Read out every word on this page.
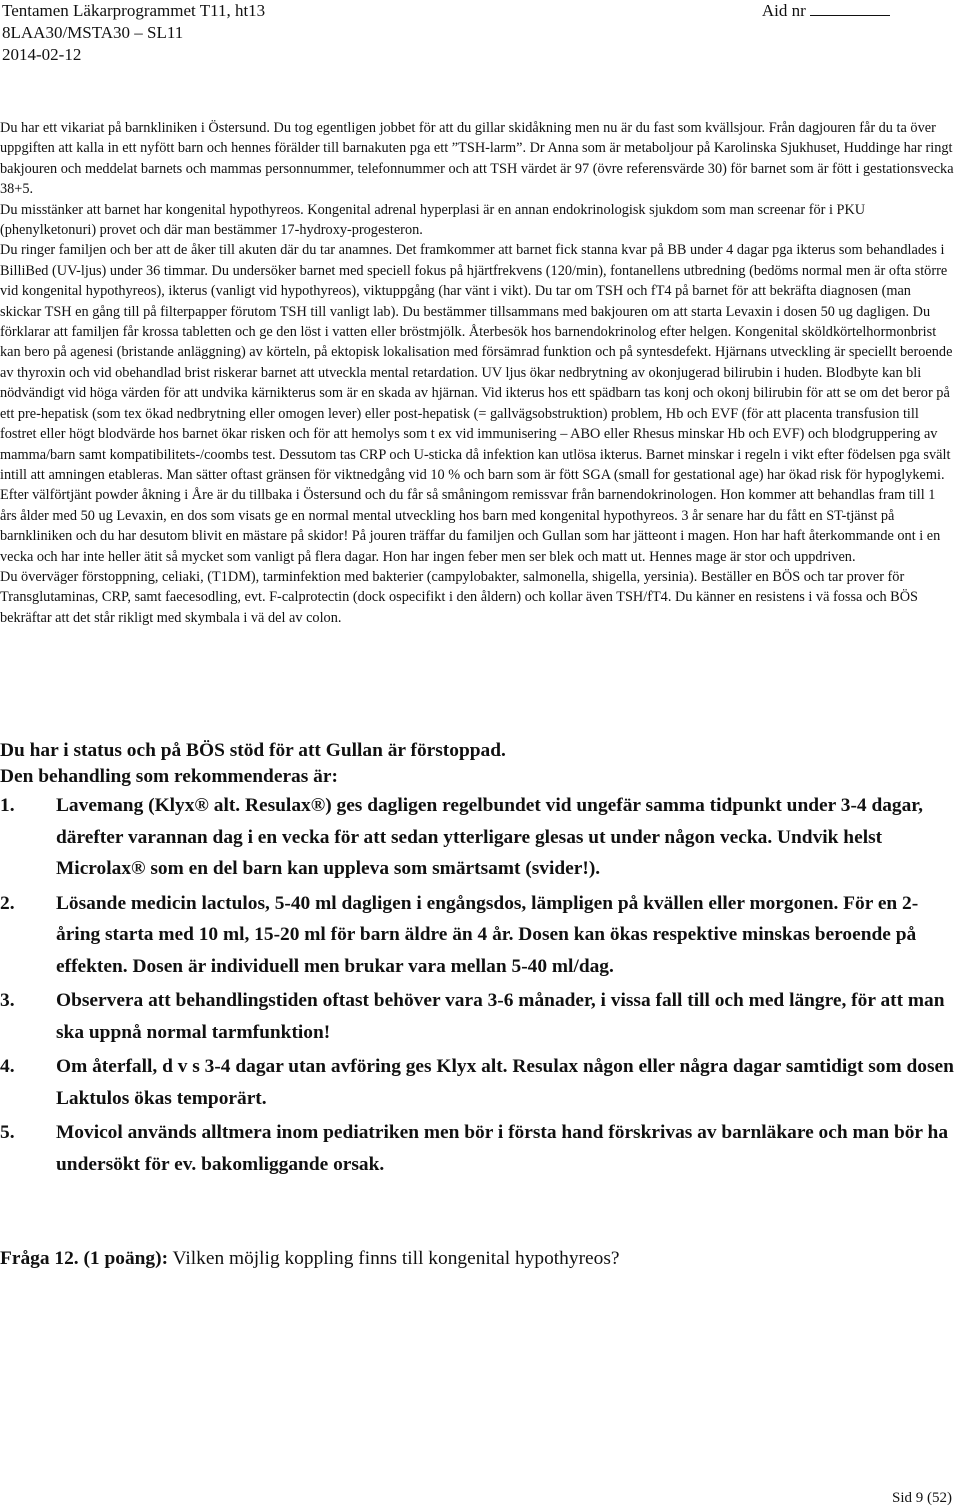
Tentamen Läkarprogrammet T11, ht13
8LAA30/MSTA30 – SL11
2014-02-12
Aid nr

Du har ett vikariat på barnkliniken i Östersund. Du tog egentligen jobbet för att du gillar skidåkning men nu är du fast som kvällsjour. Från dagjouren får du ta över uppgiften att kalla in ett nyfött barn och hennes förälder till barnakuten pga ett ”TSH-larm”. Dr Anna som är metaboljour på Karolinska Sjukhuset, Huddinge har ringt bakjouren och meddelat barnets och mammas personnummer, telefonnummer och att TSH värdet är 97 (övre referensvärde 30) för barnet som är fött i gestationsvecka 38+5.

Du misstänker att barnet har kongenital hypothyreos. Kongenital adrenal hyperplasi är en annan endokrinologisk sjukdom som man screenar för i PKU (phenylketonuri) provet och där man bestämmer 17-hydroxy-progesteron.

Du ringer familjen och ber att de åker till akuten där du tar anamnes. Det framkommer att barnet fick stanna kvar på BB under 4 dagar pga ikterus som behandlades i BilliBed (UV-ljus) under 36 timmar. Du undersöker barnet med speciell fokus på hjärtfrekvens (120/min), fontanellens utbredning (bedöms normal men är ofta större vid kongenital hypothyreos), ikterus (vanligt vid hypothyreos), viktuppgång (har vänt i vikt). Du tar om TSH och fT4 på barnet för att bekräfta diagnosen (man skickar TSH en gång till på filterpapper förutom TSH till vanligt lab). Du bestämmer tillsammans med bakjouren om att starta Levaxin i dosen 50 ug dagligen. Du förklarar att familjen får krossa tabletten och ge den löst i vatten eller bröstmjölk. Återbesök hos barnendokrinolog efter helgen. Kongenital sköldkörtelhormonbrist kan bero på agenesi (bristande anläggning) av körteln, på ektopisk lokalisation med försämrad funktion och på syntesdefekt. Hjärnans utveckling är speciellt beroende av thyroxin och vid obehandlad brist riskerar barnet att utveckla mental retardation. UV ljus ökar nedbrytning av okonjugerad bilirubin i huden. Blodbyte kan bli nödvändigt vid höga värden för att undvika kärnikterus som är en skada av hjärnan. Vid ikterus hos ett spädbarn tas konj och okonj bilirubin för att se om det beror på ett pre-hepatisk (som tex ökad nedbrytning eller omogen lever) eller post-hepatisk (= gallvägsobstruktion) problem, Hb och EVF (för att placenta transfusion till fostret eller högt blodvärde hos barnet ökar risken och för att hemolys som t ex vid immunisering – ABO eller Rhesus minskar Hb och EVF) och blodgruppering av mamma/barn samt kompatibilitets-/coombs test. Dessutom tas CRP och U-sticka då infektion kan utlösa ikterus. Barnet minskar i regeln i vikt efter födelsen pga svält intill att amningen etableras. Man sätter oftast gränsen för viktnedgång vid 10 % och barn som är fött SGA (small for gestational age) har ökad risk för hypoglykemi.

Efter välförtjänt powder åkning i Åre är du tillbaka i Östersund och du får så småningom remissvar från barnendokrinologen. Hon kommer att behandlas fram till 1 års ålder med 50 ug Levaxin, en dos som visats ge en normal mental utveckling hos barn med kongenital hypothyreos. 3 år senare har du fått en ST-tjänst på barnkliniken och du har desutom blivit en mästare på skidor! På jouren träffar du familjen och Gullan som har jätteont i magen. Hon har haft återkommande ont i en vecka och har inte heller ätit så mycket som vanligt på flera dagar. Hon har ingen feber men ser blek och matt ut. Hennes mage är stor och uppdriven.

Du överväger förstoppning, celiaki, (T1DM), tarminfektion med bakterier (campylobakter, salmonella, shigella, yersinia). Beställer en BÖS och tar prover för Transglutaminas, CRP, samt faecesodling, evt. F-calprotectin (dock ospecifikt i den åldern) och kollar även TSH/fT4. Du känner en resistens i vä fossa och BÖS bekräftar att det står rikligt med skymbala i vä del av colon.

Du har i status och på BÖS stöd för att Gullan är förstoppad.
Den behandling som rekommenderas är:
1. Lavemang (Klyx® alt. Resulax®) ges dagligen regelbundet vid ungefär samma tidpunkt under 3-4 dagar, därefter varannan dag i en vecka för att sedan ytterligare glesas ut under någon vecka. Undvik helst Microlax® som en del barn kan uppleva som smärtsamt (svider!).
2. Lösande medicin lactulos, 5-40 ml dagligen i engångsdos, lämpligen på kvällen eller morgonen. För en 2-åring starta med 10 ml, 15-20 ml för barn äldre än 4 år. Dosen kan ökas respektive minskas beroende på effekten. Dosen är individuell men brukar vara mellan 5-40 ml/dag.
3. Observera att behandlingstiden oftast behöver vara 3-6 månader, i vissa fall till och med längre, för att man ska uppnå normal tarmfunktion!
4. Om återfall, d v s 3-4 dagar utan avföring ges Klyx alt. Resulax någon eller några dagar samtidigt som dosen Laktulos ökas temporärt.
5. Movicol används alltmera inom pediatriken men bör i första hand förskrivas av barnläkare och man bör ha undersökt för ev. bakomliggande orsak.
Fråga 12. (1 poäng): Vilken möjlig koppling finns till kongenital hypothyreos?
Sid 9 (52)
